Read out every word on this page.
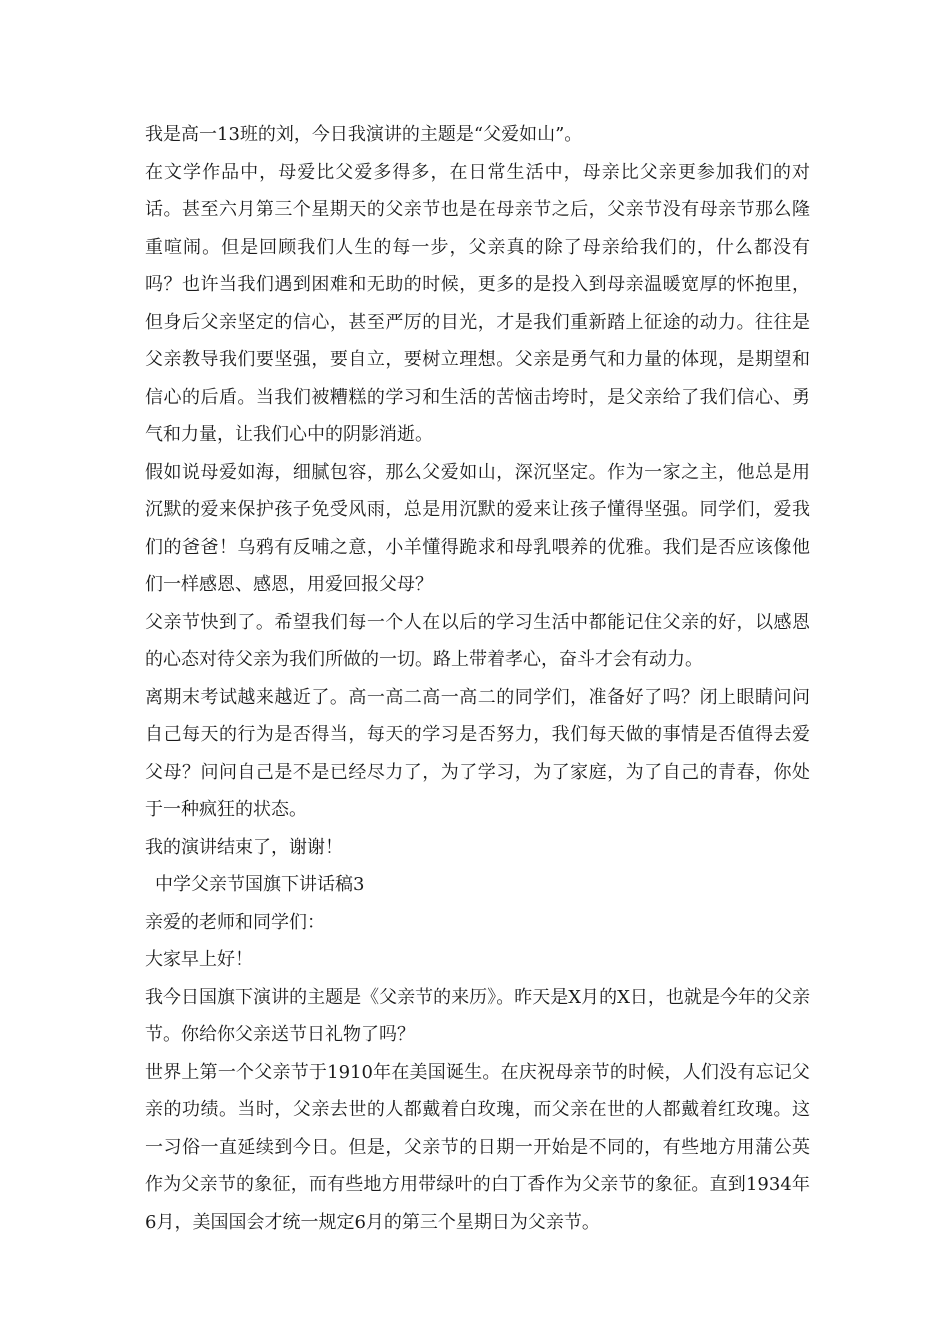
我是高一13班的刘，今日我演讲的主题是“父爱如山”。

在文学作品中，母爱比父爱多得多，在日常生活中，母亲比父亲更参加我们的对话。甚至六月第三个星期天的父亲节也是在母亲节之后，父亲节没有母亲节那么隆重喧闹。但是回顾我们人生的每一步，父亲真的除了母亲给我们的，什么都没有吗？也许当我们遇到困难和无助的时候，更多的是投入到母亲温暖宽厚的怀抱里，但身后父亲坚定的信心，甚至严厉的目光，才是我们重新踏上征途的动力。往往是父亲教导我们要坚强，要自立，要树立理想。父亲是勇气和力量的体现，是期望和信心的后盾。当我们被糟糕的学习和生活的苦恼击垮时，是父亲给了我们信心、勇气和力量，让我们心中的阴影消逝。

假如说母爱如海，细腻包容，那么父爱如山，深沉坚定。作为一家之主，他总是用沉默的爱来保护孩子免受风雨，总是用沉默的爱来让孩子懂得坚强。同学们，爱我们的爸爸！乌鸦有反哺之意，小羊懂得跪求和母乳喂养的优雅。我们是否应该像他们一样感恩、感恩，用爱回报父母？

父亲节快到了。希望我们每一个人在以后的学习生活中都能记住父亲的好，以感恩的心态对待父亲为我们所做的一切。路上带着孝心，奋斗才会有动力。

离期末考试越来越近了。高一高二高一高二的同学们，准备好了吗？闭上眼睛问问自己每天的行为是否得当，每天的学习是否努力，我们每天做的事情是否值得去爱父母？问问自己是不是已经尽力了，为了学习，为了家庭，为了自己的青春，你处于一种疯狂的状态。

我的演讲结束了，谢谢！

中学父亲节国旗下讲话稿3

亲爱的老师和同学们：

大家早上好！

我今日国旗下演讲的主题是《父亲节的来历》。昨天是X月的X日，也就是今年的父亲节。你给你父亲送节日礼物了吗？

世界上第一个父亲节于1910年在美国诞生。在庆祝母亲节的时候，人们没有忘记父亲的功绩。当时，父亲去世的人都戴着白玫瑰，而父亲在世的人都戴着红玫瑰。这一习俗一直延续到今日。但是，父亲节的日期一开始是不同的，有些地方用蒲公英作为父亲节的象征，而有些地方用带绿叶的白丁香作为父亲节的象征。直到1934年6月，美国国会才统一规定6月的第三个星期日为父亲节。
